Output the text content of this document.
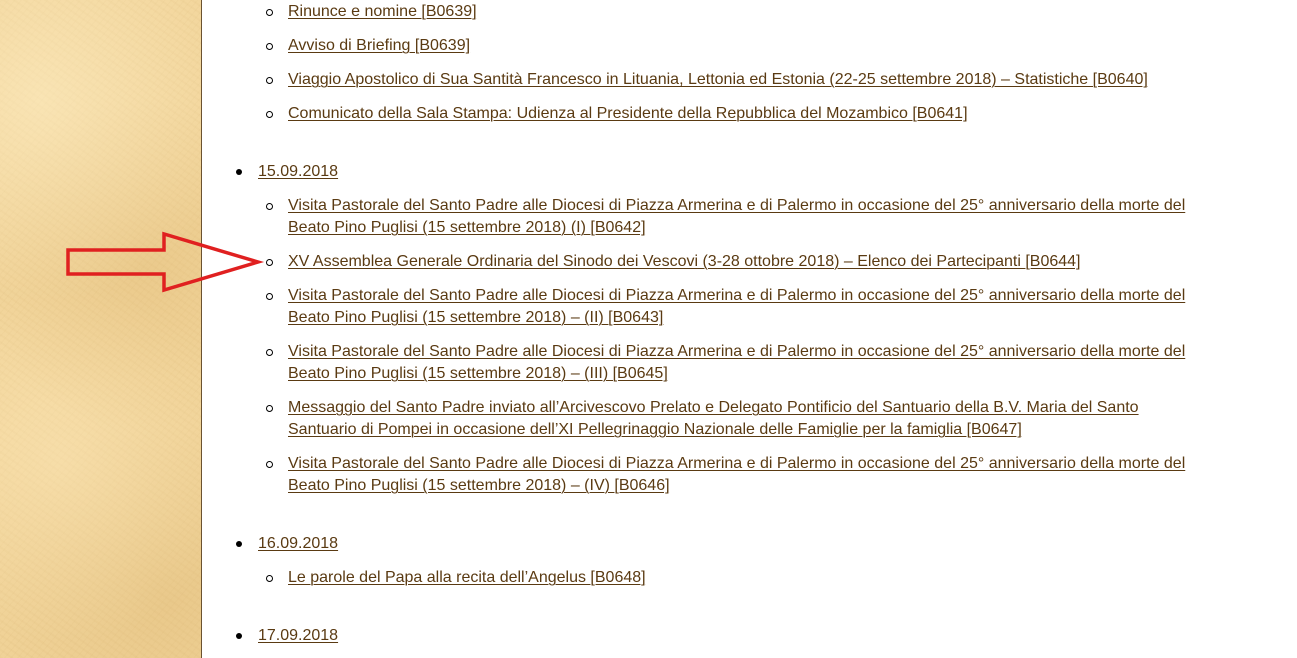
Rinunce e nomine [B0639]
Avviso di Briefing [B0639]
Viaggio Apostolico di Sua Santità Francesco in Lituania, Lettonia ed Estonia (22-25 settembre 2018) – Statistiche [B0640]
Comunicato della Sala Stampa: Udienza al Presidente della Repubblica del Mozambico [B0641]
15.09.2018
Visita Pastorale del Santo Padre alle Diocesi di Piazza Armerina e di Palermo in occasione del 25° anniversario della morte del
Beato Pino Puglisi (15 settembre 2018) (I) [B0642]
XV Assemblea Generale Ordinaria del Sinodo dei Vescovi (3-28 ottobre 2018) – Elenco dei Partecipanti [B0644]
Visita Pastorale del Santo Padre alle Diocesi di Piazza Armerina e di Palermo in occasione del 25° anniversario della morte del
Beato Pino Puglisi (15 settembre 2018) – (II) [B0643]
Visita Pastorale del Santo Padre alle Diocesi di Piazza Armerina e di Palermo in occasione del 25° anniversario della morte del
Beato Pino Puglisi (15 settembre 2018) – (III) [B0645]
Messaggio del Santo Padre inviato all’Arcivescovo Prelato e Delegato Pontificio del Santuario della B.V. Maria del Santo
Santuario di Pompei in occasione dell’XI Pellegrinaggio Nazionale delle Famiglie per la famiglia [B0647]
Visita Pastorale del Santo Padre alle Diocesi di Piazza Armerina e di Palermo in occasione del 25° anniversario della morte del
Beato Pino Puglisi (15 settembre 2018) – (IV) [B0646]
16.09.2018
Le parole del Papa alla recita dell’Angelus [B0648]
17.09.2018
